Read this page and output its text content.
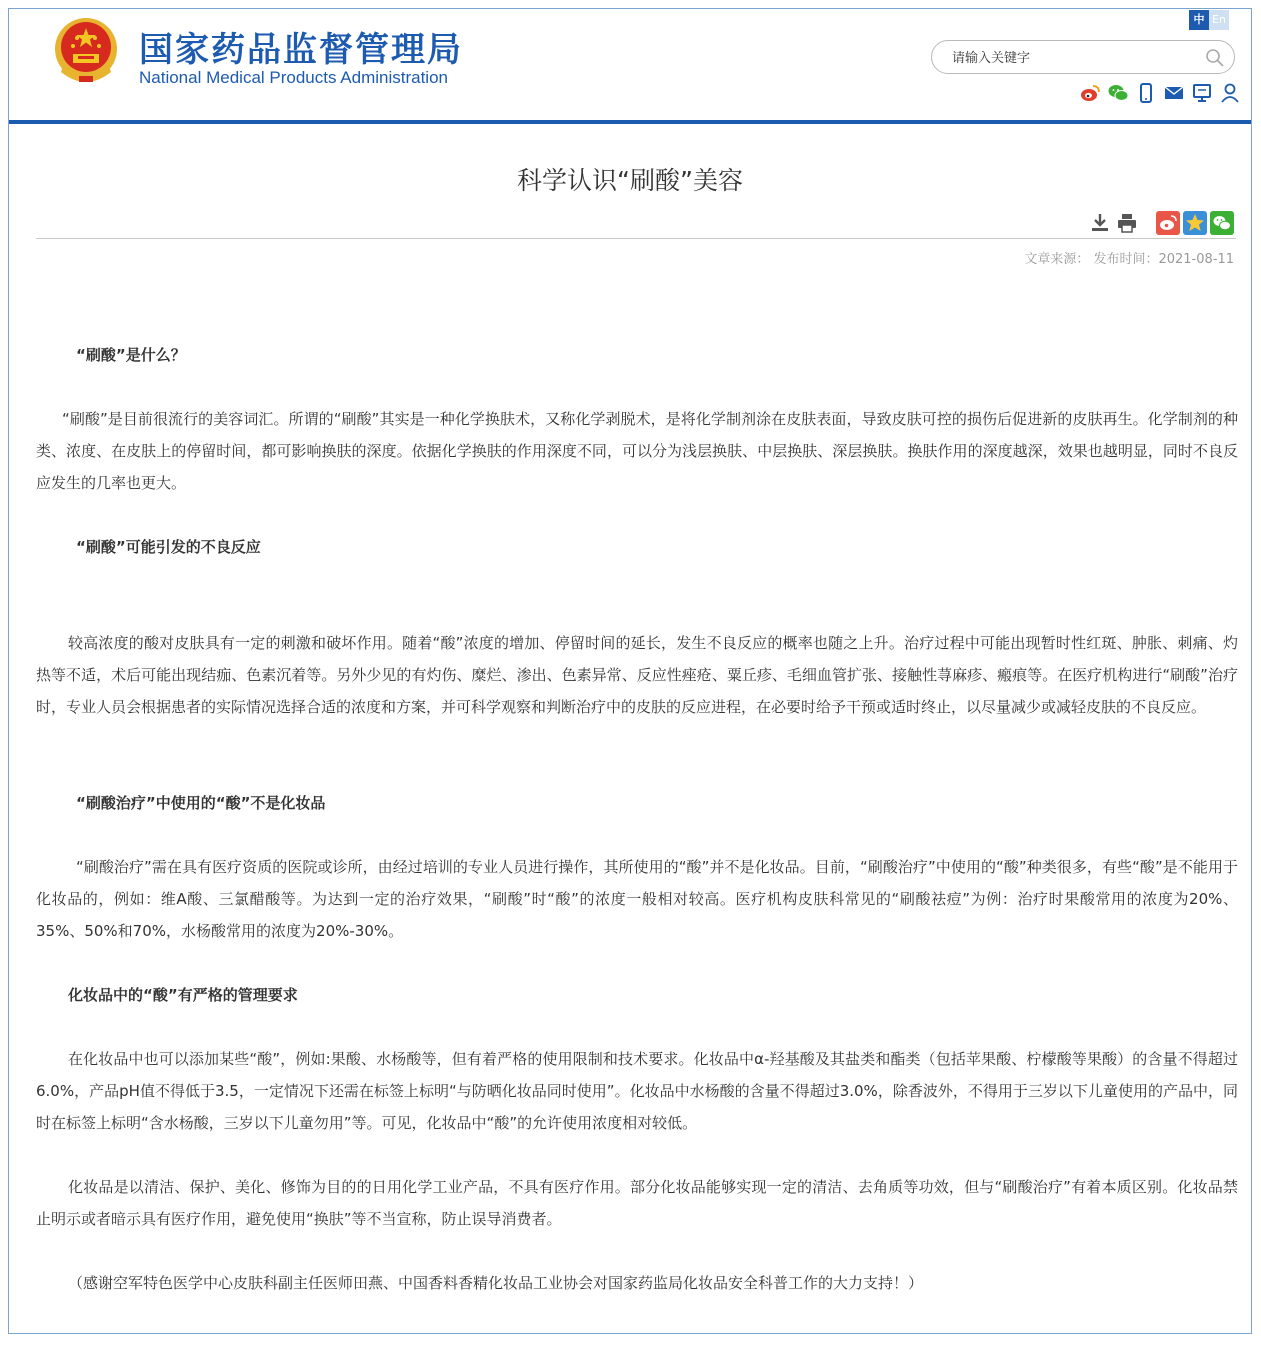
国家药品监督管理局
National Medical Products Administration
中 En
请输入关键字
科学认识“刷酸”美容
文章来源： 发布时间：2021-08-11

“刷酸”是什么？

“刷酸”是目前很流行的美容词汇。所谓的“刷酸”其实是一种化学换肤术，又称化学剥脱术，是将化学制剂涂在皮肤表面，导致皮肤可控的损伤后促进新的皮肤再生。化学制剂的种类、浓度、在皮肤上的停留时间，都可影响换肤的深度。依据化学换肤的作用深度不同，可以分为浅层换肤、中层换肤、深层换肤。换肤作用的深度越深，效果也越明显，同时不良反应发生的几率也更大。

“刷酸”可能引发的不良反应

较高浓度的酸对皮肤具有一定的刺激和破坏作用。随着“酸”浓度的增加、停留时间的延长，发生不良反应的概率也随之上升。治疗过程中可能出现暂时性红斑、肿胀、刺痛、灼热等不适，术后可能出现结痂、色素沉着等。另外少见的有灼伤、糜烂、渗出、色素异常、反应性痤疮、粟丘疹、毛细血管扩张、接触性荨麻疹、瘢痕等。在医疗机构进行“刷酸”治疗时，专业人员会根据患者的实际情况选择合适的浓度和方案，并可科学观察和判断治疗中的皮肤的反应进程，在必要时给予干预或适时终止，以尽量减少或减轻皮肤的不良反应。

“刷酸治疗”中使用的“酸”不是化妆品

“刷酸治疗”需在具有医疗资质的医院或诊所，由经过培训的专业人员进行操作，其所使用的“酸”并不是化妆品。目前，“刷酸治疗”中使用的“酸”种类很多，有些“酸”是不能用于化妆品的，例如：维A酸、三氯醋酸等。为达到一定的治疗效果，“刷酸”时“酸”的浓度一般相对较高。医疗机构皮肤科常见的“刷酸祛痘”为例：治疗时果酸常用的浓度为20%、35%、50%和70%，水杨酸常用的浓度为20%-30%。

化妆品中的“酸”有严格的管理要求

在化妆品中也可以添加某些“酸”，例如:果酸、水杨酸等，但有着严格的使用限制和技术要求。化妆品中α-羟基酸及其盐类和酯类（包括苹果酸、柠檬酸等果酸）的含量不得超过6.0%，产品pH值不得低于3.5，一定情况下还需在标签上标明“与防晒化妆品同时使用”。化妆品中水杨酸的含量不得超过3.0%，除香波外，不得用于三岁以下儿童使用的产品中，同时在标签上标明“含水杨酸，三岁以下儿童勿用”等。可见，化妆品中“酸”的允许使用浓度相对较低。

化妆品是以清洁、保护、美化、修饰为目的的日用化学工业产品，不具有医疗作用。部分化妆品能够实现一定的清洁、去角质等功效，但与“刷酸治疗”有着本质区别。化妆品禁止明示或者暗示具有医疗作用，避免使用“换肤”等不当宣称，防止误导消费者。

（感谢空军特色医学中心皮肤科副主任医师田燕、中国香料香精化妆品工业协会对国家药监局化妆品安全科普工作的大力支持！）
